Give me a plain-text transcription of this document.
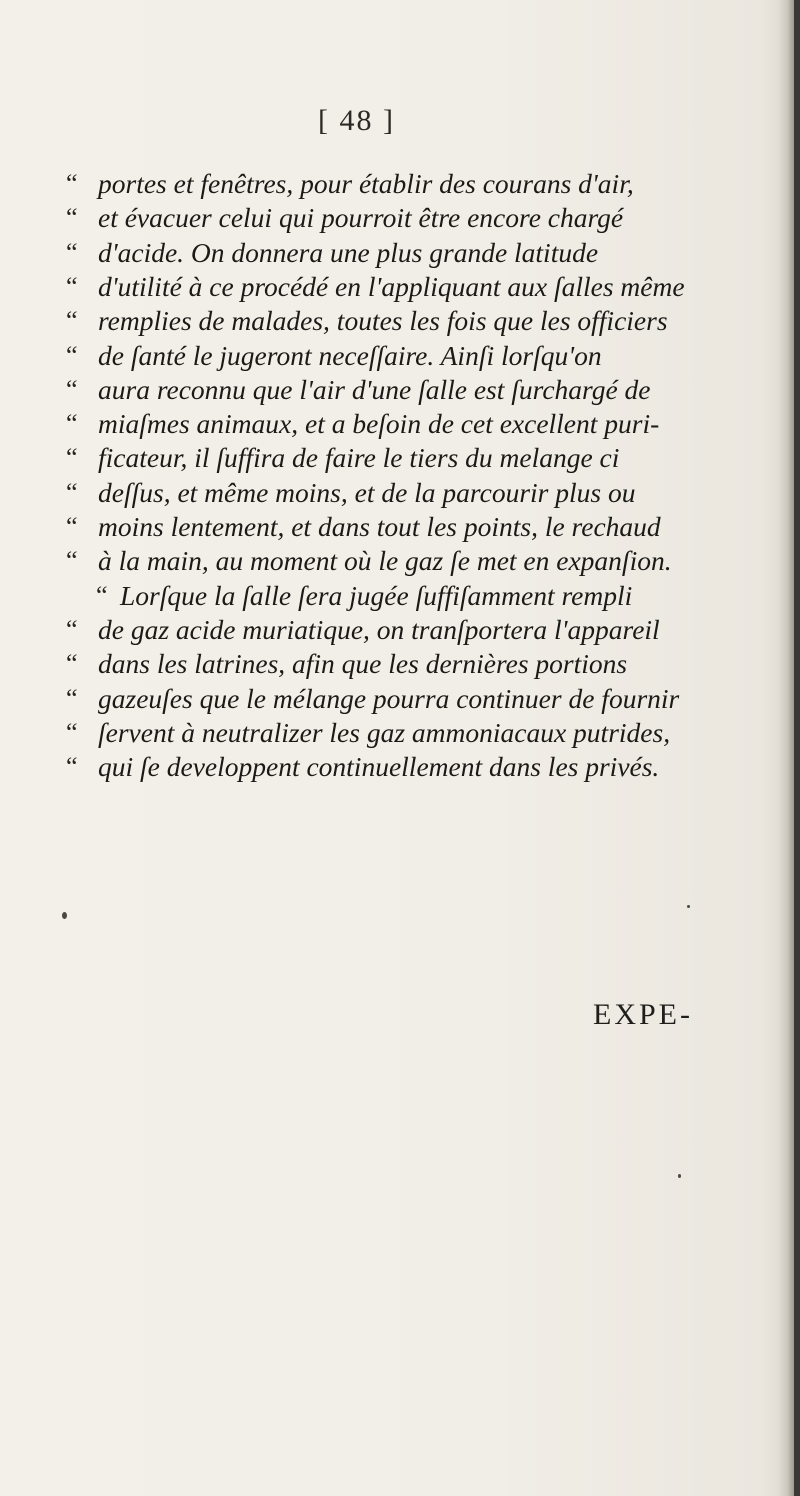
[ 48 ]
“
“
“
“
“
“
“
“
“
“
“
“
“
“
“
“
“
“
portes et fenêtres, pour établir des courans d'air,
et évacuer celui qui pourroit être encore chargé
d'acide. On donnera une plus grande latitude
d'utilité à ce procédé en l'appliquant aux ſalles même
remplies de malades, toutes les fois que les officiers
de ſanté le jugeront neceſſaire. Ainſi lorſqu'on
aura reconnu que l'air d'une ſalle est ſurchargé de
miaſmes animaux, et a beſoin de cet excellent puri-
ficateur, il ſuffira de faire le tiers du melange ci
deſſus, et même moins, et de la parcourir plus ou
moins lentement, et dans tout les points, le rechaud
à la main, au moment où le gaz ſe met en expanſion.
Lorſque la ſalle ſera jugée ſuffiſamment rempli
de gaz acide muriatique, on tranſportera l'appareil
dans les latrines, afin que les dernières portions
gazeuſes que le mélange pourra continuer de fournir
ſervent à neutralizer les gaz ammoniacaux putrides,
qui ſe developpent continuellement dans les privés.
EXPE-
